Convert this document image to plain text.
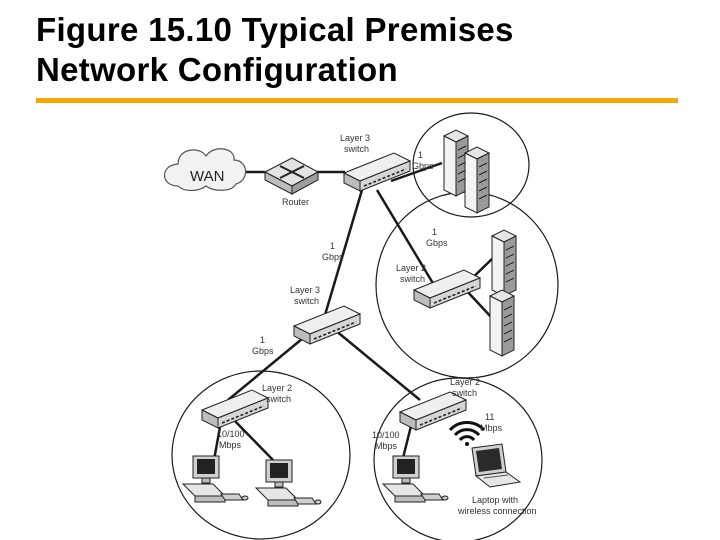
Figure 15.10 Typical Premises
Network Configuration
WAN
Router
Layer 3 switch
1 Gbps
1 Gbps
Layer 2 switch
1 Gbps
Layer 3 switch
1 Gbps
Layer 2 switch
10/100 Mbps
Layer 2 switch
10/100 Mbps
11 Mbps
Laptop with wireless connection
